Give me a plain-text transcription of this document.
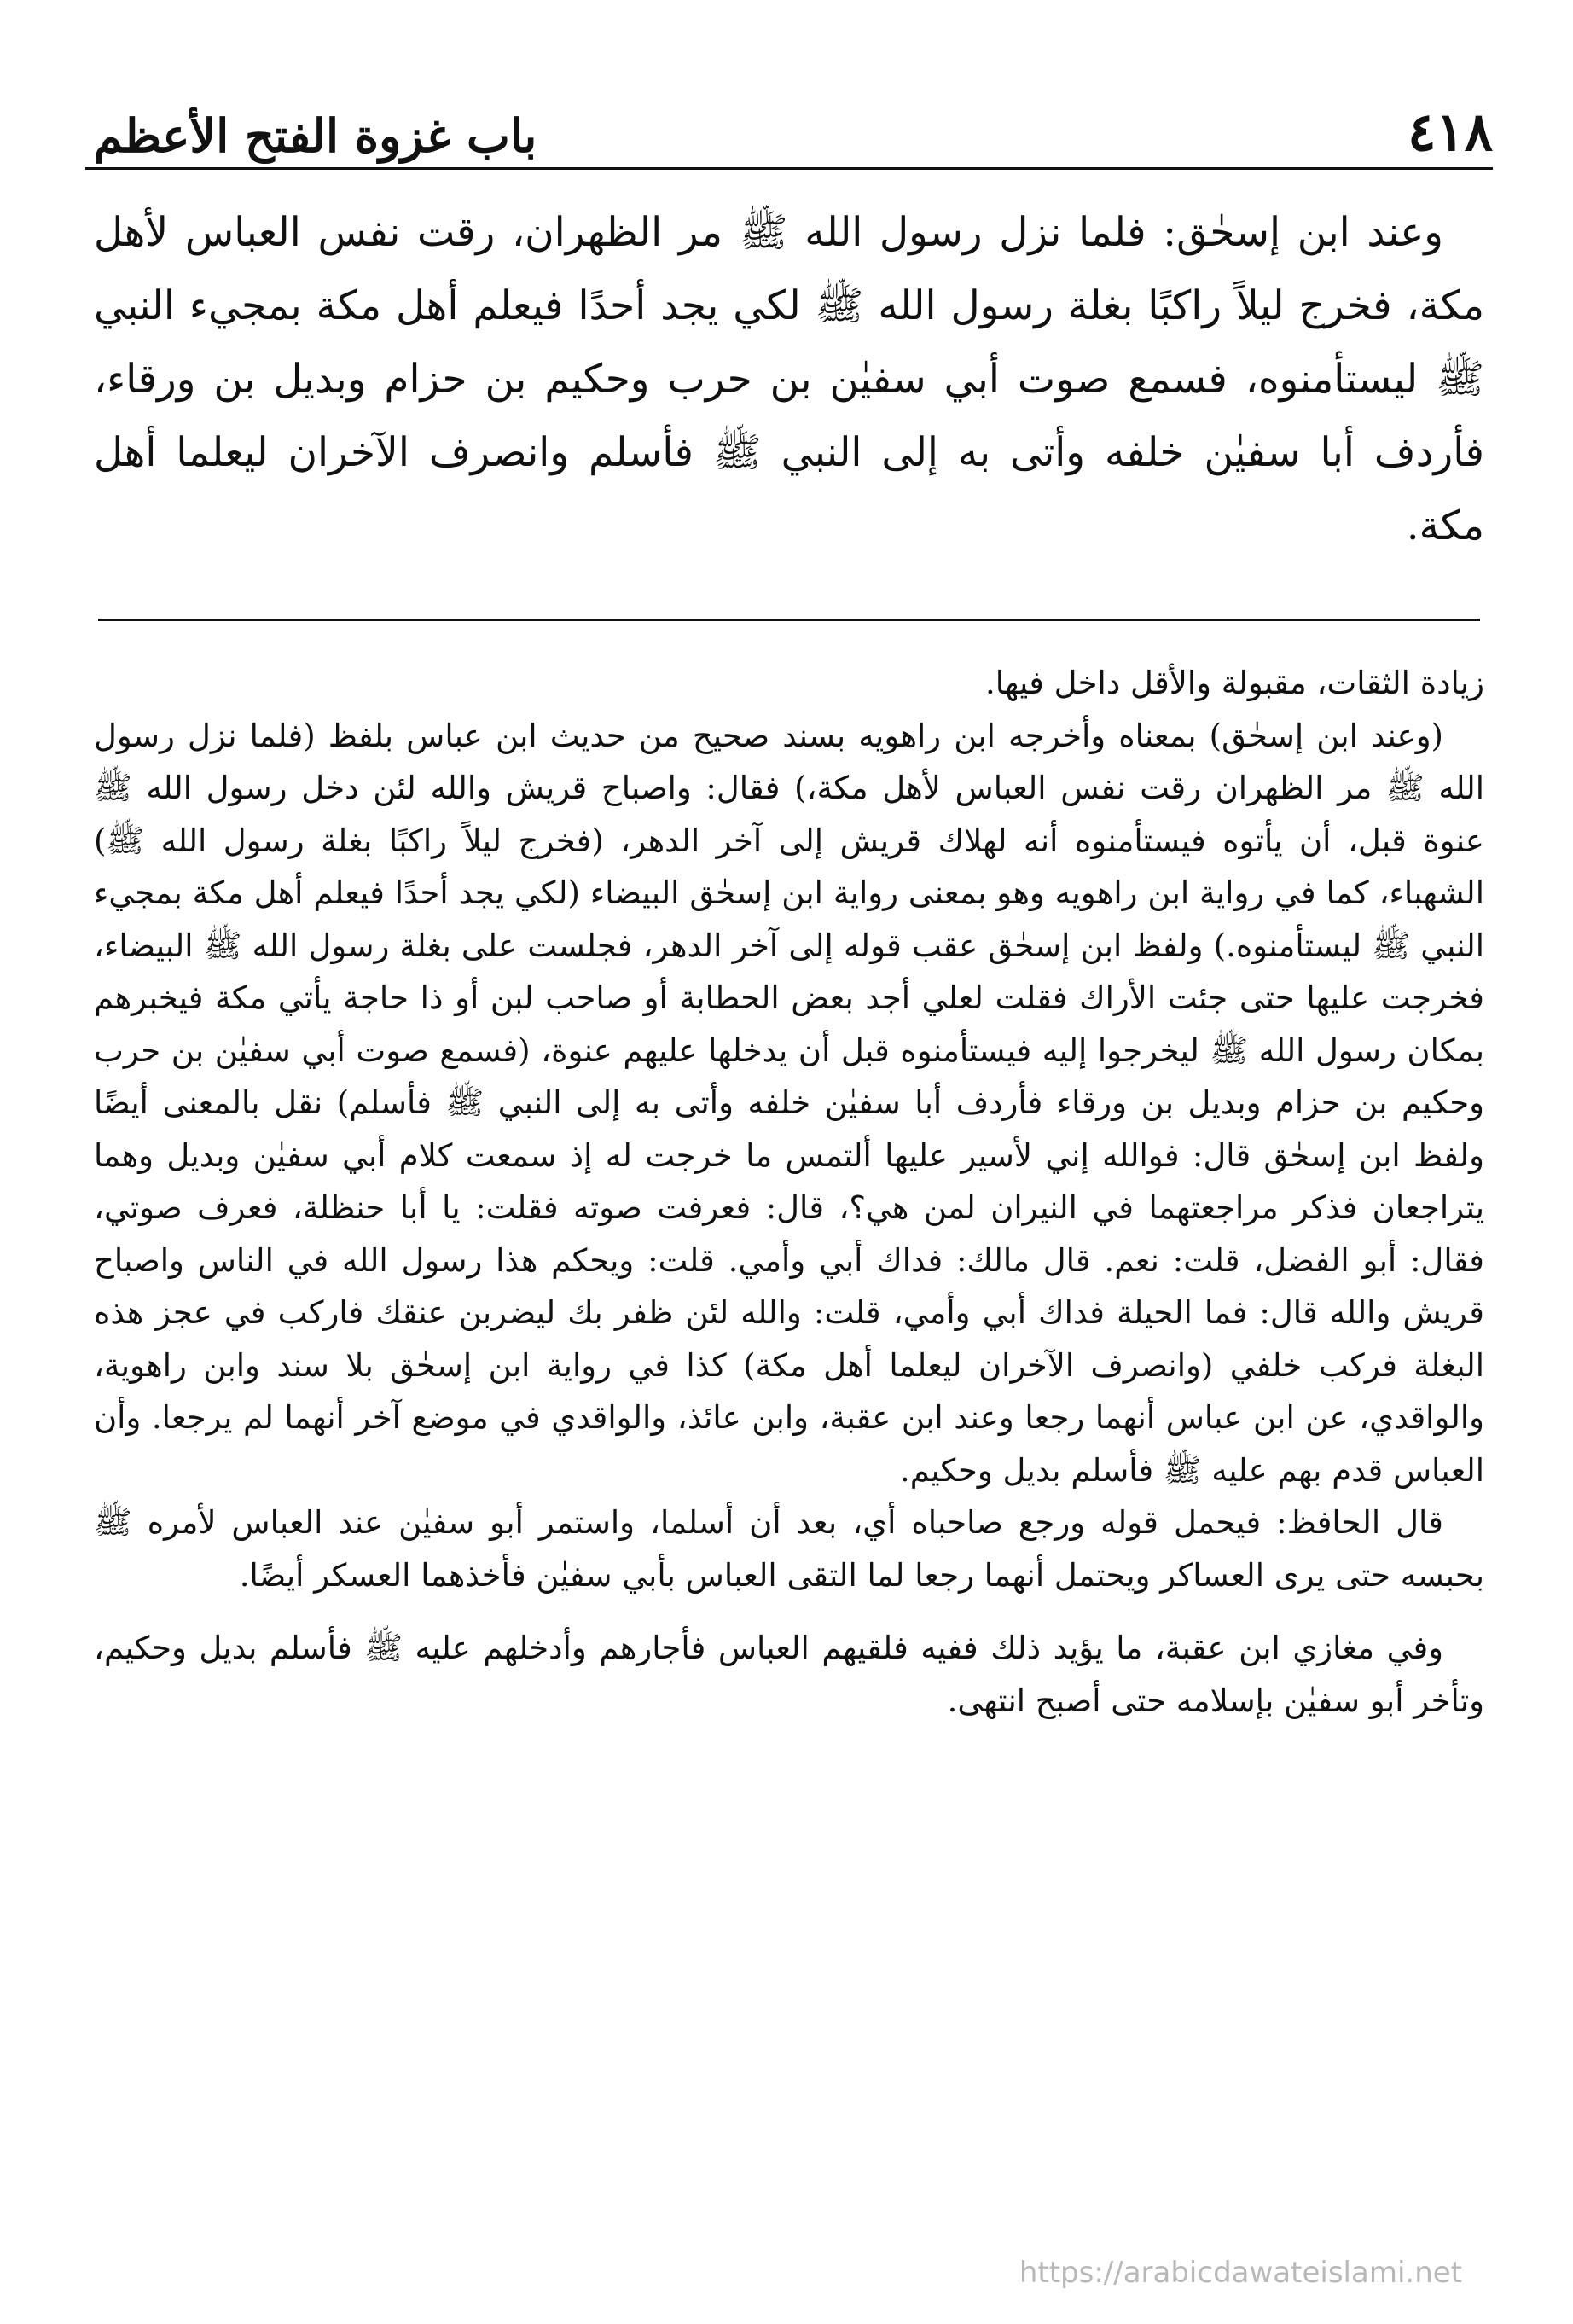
٤١٨
باب غزوة الفتح الأعظم

وعند ابن إسحٰق: فلما نزل رسول الله ﷺ مر الظهران، رقت نفس العباس لأهل مكة، فخرج ليلاً راكبًا بغلة رسول الله ﷺ لكي يجد أحدًا فيعلم أهل مكة بمجيء النبي ﷺ ليستأمنوه، فسمع صوت أبي سفيٰن بن حرب وحكيم بن حزام وبديل بن ورقاء، فأردف أبا سفيٰن خلفه وأتى به إلى النبي ﷺ فأسلم وانصرف الآخران ليعلما أهل مكة.

زيادة الثقات، مقبولة والأقل داخل فيها.

(وعند ابن إسحٰق) بمعناه وأخرجه ابن راهويه بسند صحيح من حديث ابن عباس بلفظ (فلما نزل رسول الله ﷺ مر الظهران رقت نفس العباس لأهل مكة،) فقال: واصباح قريش والله لئن دخل رسول الله ﷺ عنوة قبل، أن يأتوه فيستأمنوه أنه لهلاك قريش إلى آخر الدهر، (فخرج ليلاً راكبًا بغلة رسول الله ﷺ) الشهباء، كما في رواية ابن راهويه وهو بمعنى رواية ابن إسحٰق البيضاء (لكي يجد أحدًا فيعلم أهل مكة بمجيء النبي ﷺ ليستأمنوه.) ولفظ ابن إسحٰق عقب قوله إلى آخر الدهر، فجلست على بغلة رسول الله ﷺ البيضاء، فخرجت عليها حتى جئت الأراك فقلت لعلي أجد بعض الحطابة أو صاحب لبن أو ذا حاجة يأتي مكة فيخبرهم بمكان رسول الله ﷺ ليخرجوا إليه فيستأمنوه قبل أن يدخلها عليهم عنوة، (فسمع صوت أبي سفيٰن بن حرب وحكيم بن حزام وبديل بن ورقاء فأردف أبا سفيٰن خلفه وأتى به إلى النبي ﷺ فأسلم) نقل بالمعنى أيضًا ولفظ ابن إسحٰق قال: فوالله إني لأسير عليها ألتمس ما خرجت له إذ سمعت كلام أبي سفيٰن وبديل وهما يتراجعان فذكر مراجعتهما في النيران لمن هي؟، قال: فعرفت صوته فقلت: يا أبا حنظلة، فعرف صوتي، فقال: أبو الفضل، قلت: نعم. قال مالك: فداك أبي وأمي. قلت: ويحكم هذا رسول الله في الناس واصباح قريش والله قال: فما الحيلة فداك أبي وأمي، قلت: والله لئن ظفر بك ليضربن عنقك فاركب في عجز هذه البغلة فركب خلفي (وانصرف الآخران ليعلما أهل مكة) كذا في رواية ابن إسحٰق بلا سند وابن راهوية، والواقدي، عن ابن عباس أنهما رجعا وعند ابن عقبة، وابن عائذ، والواقدي في موضع آخر أنهما لم يرجعا. وأن العباس قدم بهم عليه ﷺ فأسلم بديل وحكيم.

قال الحافظ: فيحمل قوله ورجع صاحباه أي، بعد أن أسلما، واستمر أبو سفيٰن عند العباس لأمره ﷺ بحبسه حتى يرى العساكر ويحتمل أنهما رجعا لما التقى العباس بأبي سفيٰن فأخذهما العسكر أيضًا.

وفي مغازي ابن عقبة، ما يؤيد ذلك ففيه فلقيهم العباس فأجارهم وأدخلهم عليه ﷺ فأسلم بديل وحكيم، وتأخر أبو سفيٰن بإسلامه حتى أصبح انتهى.

https://arabicdawateislami.net
